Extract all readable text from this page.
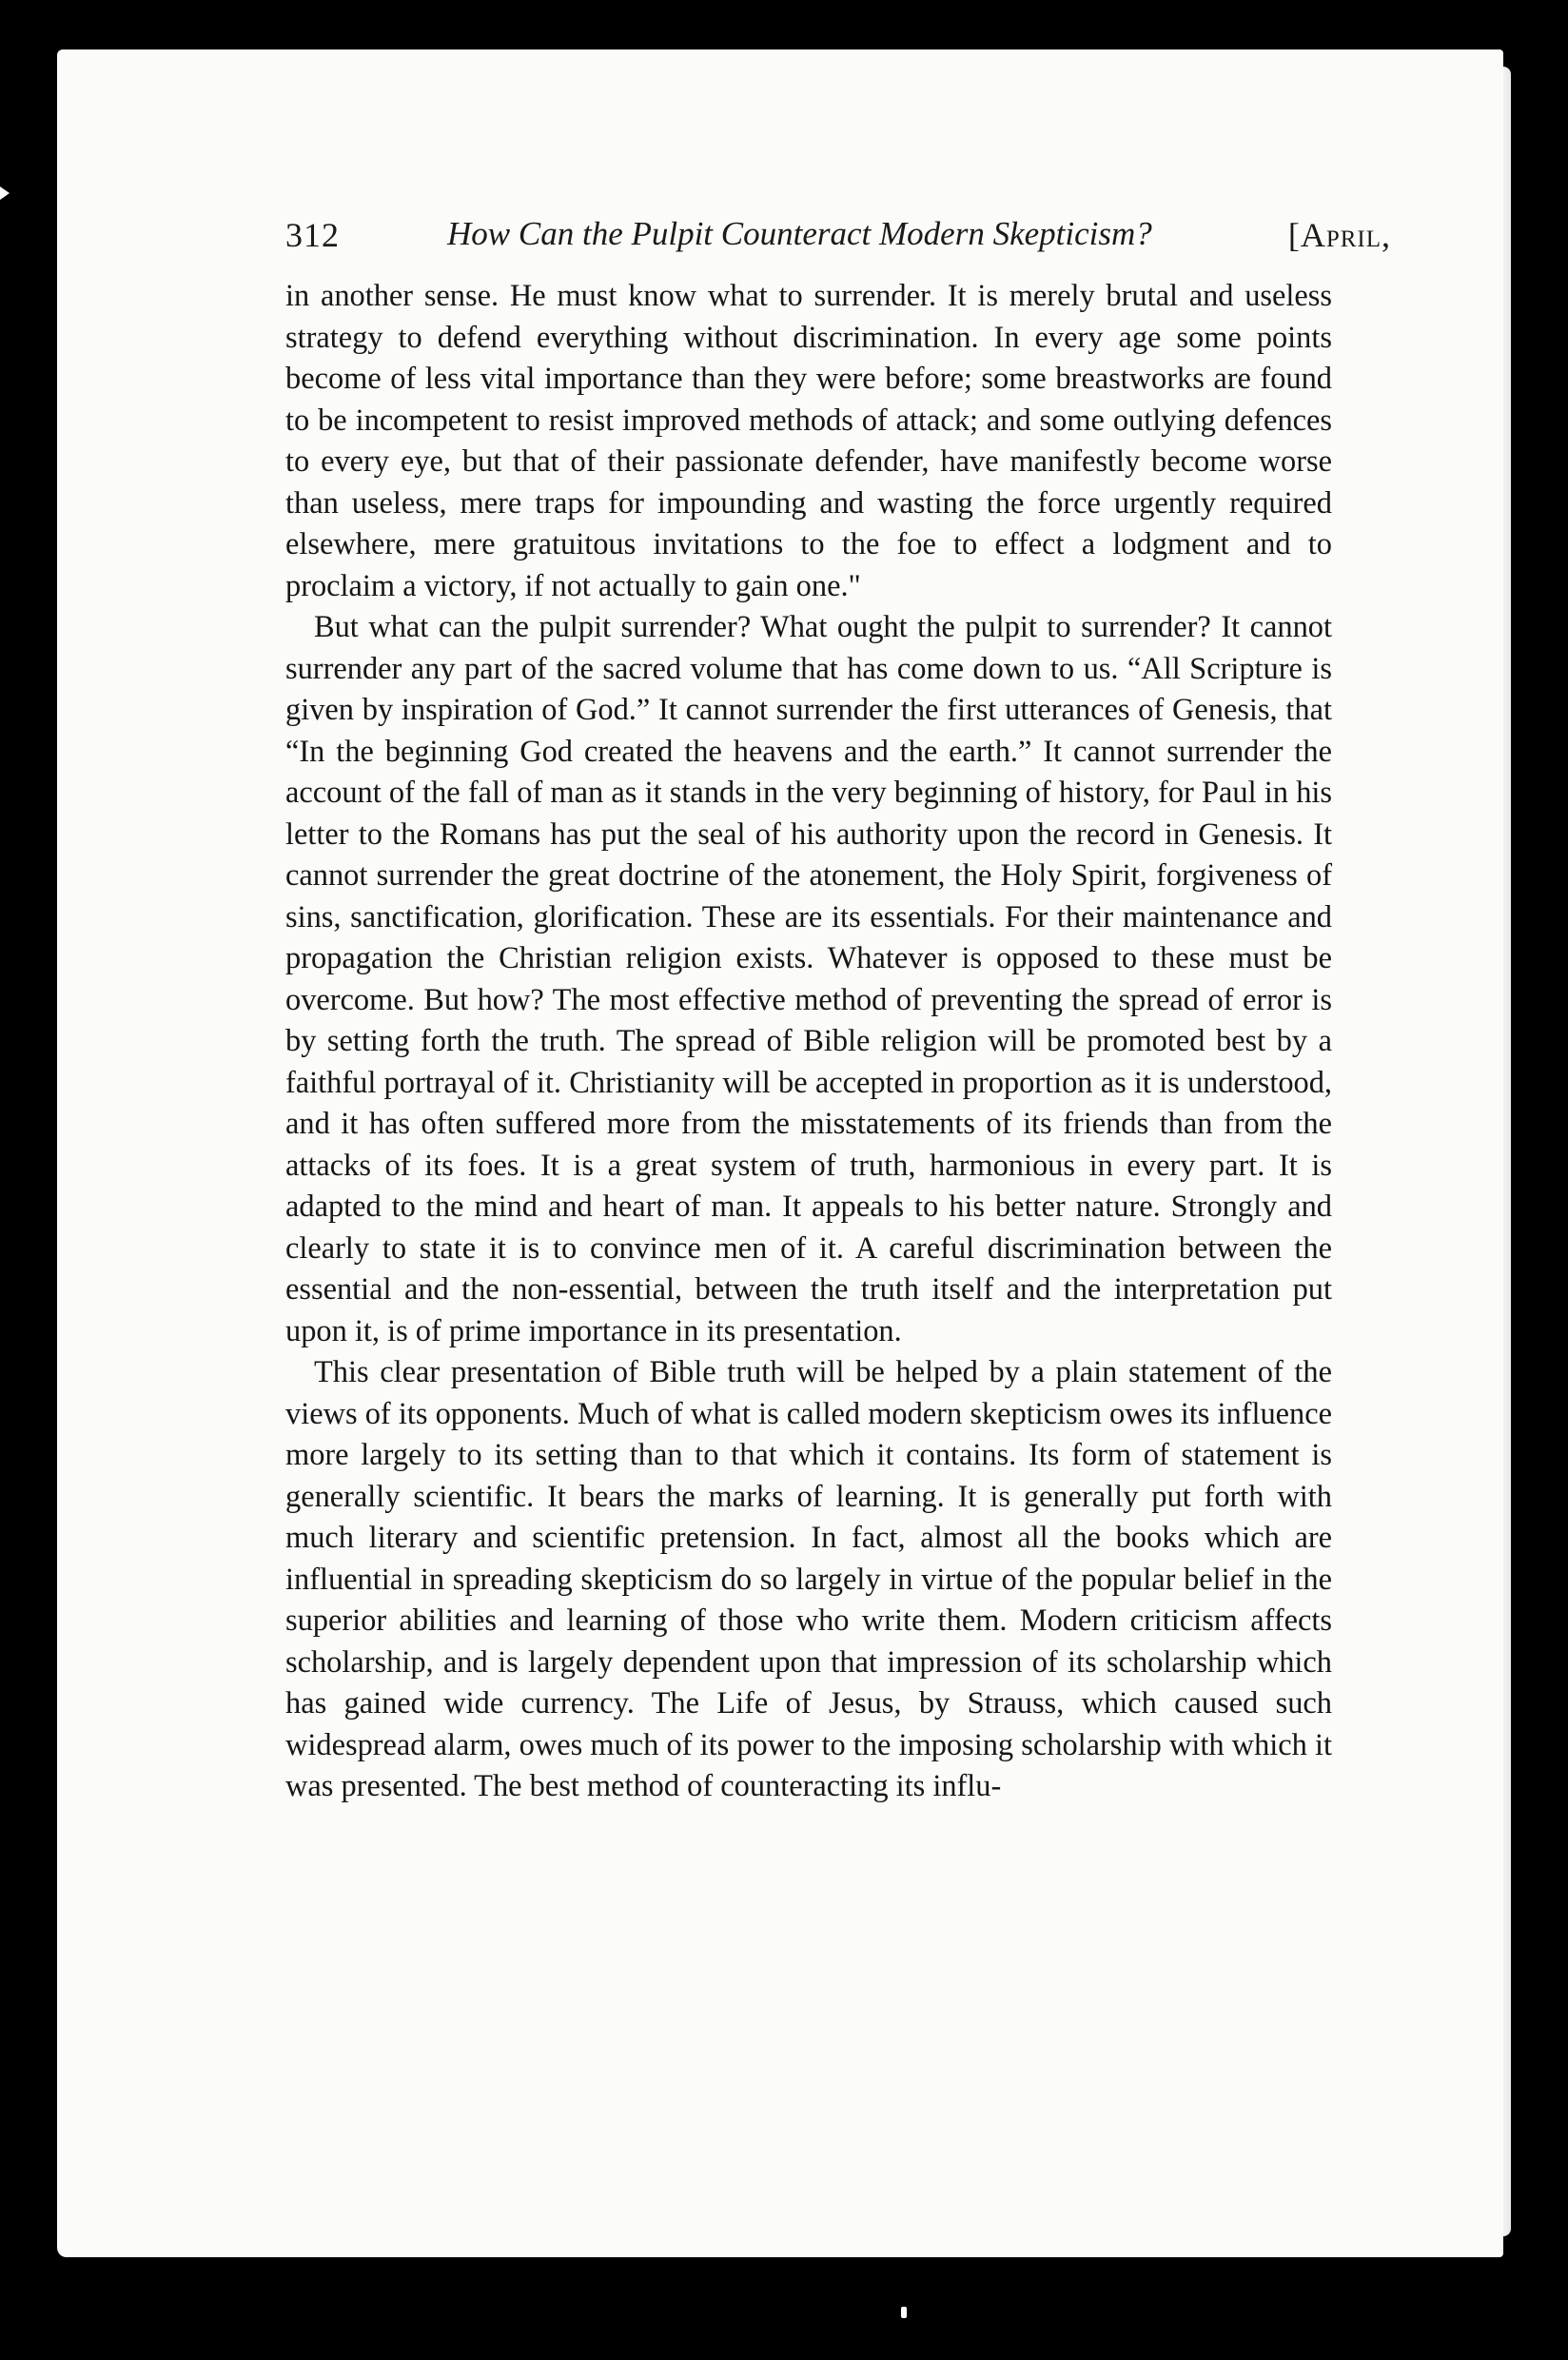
312	How Can the Pulpit Counteract Modern Skepticism?	[April,

in another sense. He must know what to surrender. It is merely brutal and useless strategy to defend everything without discrimination. In every age some points become of less vital importance than they were before; some breastworks are found to be incompetent to resist improved methods of attack; and some outlying defences to every eye, but that of their passionate defender, have manifestly become worse than useless, mere traps for impounding and wasting the force urgently required elsewhere, mere gratuitous invitations to the foe to effect a lodgment and to proclaim a victory, if not actually to gain one."

But what can the pulpit surrender? What ought the pulpit to surrender? It cannot surrender any part of the sacred volume that has come down to us. “All Scripture is given by inspiration of God.” It cannot surrender the first utterances of Genesis, that “In the beginning God created the heavens and the earth.” It cannot surrender the account of the fall of man as it stands in the very beginning of history, for Paul in his letter to the Romans has put the seal of his authority upon the record in Genesis. It cannot surrender the great doctrine of the atonement, the Holy Spirit, forgiveness of sins, sanctification, glorification. These are its essentials. For their maintenance and propagation the Christian religion exists. Whatever is opposed to these must be overcome. But how? The most effective method of preventing the spread of error is by setting forth the truth. The spread of Bible religion will be promoted best by a faithful portrayal of it. Christianity will be accepted in proportion as it is understood, and it has often suffered more from the misstatements of its friends than from the attacks of its foes. It is a great system of truth, harmonious in every part. It is adapted to the mind and heart of man. It appeals to his better nature. Strongly and clearly to state it is to convince men of it. A careful discrimination between the essential and the non-essential, between the truth itself and the interpretation put upon it, is of prime importance in its presentation.

This clear presentation of Bible truth will be helped by a plain statement of the views of its opponents. Much of what is called modern skepticism owes its influence more largely to its setting than to that which it contains. Its form of statement is generally scientific. It bears the marks of learning. It is generally put forth with much literary and scientific pretension. In fact, almost all the books which are influential in spreading skepticism do so largely in virtue of the popular belief in the superior abilities and learning of those who write them. Modern criticism affects scholarship, and is largely dependent upon that impression of its scholarship which has gained wide currency. The Life of Jesus, by Strauss, which caused such widespread alarm, owes much of its power to the imposing scholarship with which it was presented. The best method of counteracting its influ-
